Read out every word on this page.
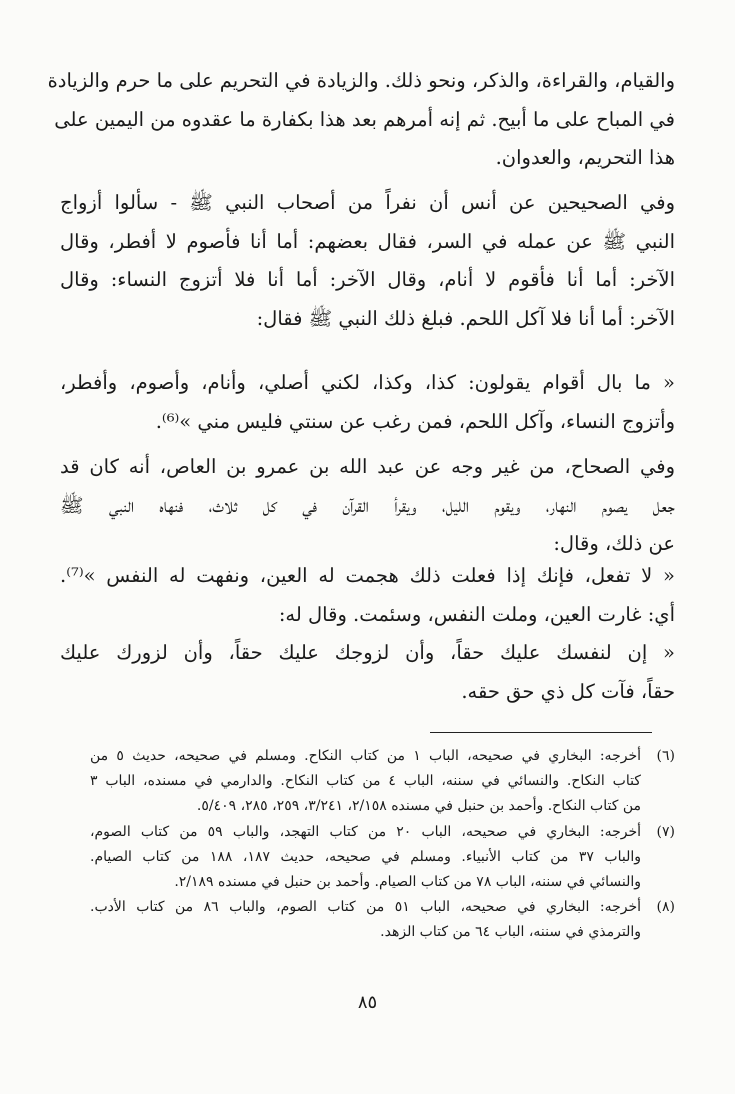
والقيام، والقراءة، والذكر، ونحو ذلك. والزيادة في التحريم على ما حرم والزيادة
في المباح على ما أبيح. ثم إنه أمرهم بعد هذا بكفارة ما عقدوه من اليمين على
هذا التحريم، والعدوان.
وفي الصحيحين عن أنس أن نفراً من أصحاب النبي ﷺ - سألوا أزواج
النبي ﷺ عن عمله في السر، فقال بعضهم: أما أنا فأصوم لا أفطر، وقال
الآخر: أما أنا فأقوم لا أنام، وقال الآخر: أما أنا فلا أتزوج النساء: وقال
الآخر: أما أنا فلا آكل اللحم. فبلغ ذلك النبي ﷺ فقال:
« ما بال أقوام يقولون: كذا، وكذا، لكني أصلي، وأنام، وأصوم، وأفطر،
وأتزوج النساء، وآكل اللحم، فمن رغب عن سنتي فليس مني »⁽⁶⁾.
وفي الصحاح، من غير وجه عن عبد الله بن عمرو بن العاص، أنه كان قد
جعل يصوم النهار، ويقوم الليل، ويقرأ القرآن في كل ثلاث، فنهاه النبي ﷺ
عن ذلك، وقال:
« لا تفعل، فإنك إذا فعلت ذلك هجمت له العين، ونفهت له النفس »⁽⁷⁾.
أي: غارت العين، وملت النفس، وسئمت. وقال له:
« إن لنفسك عليك حقاً، وأن لزوجك عليك حقاً، وأن لزورك عليك
حقاً، فآت كل ذي حق حقه.
(٦)أخرجه: البخاري في صحيحه، الباب ١ من كتاب النكاح. ومسلم في صحيحه، حديث ٥ من
كتاب النكاح. والنسائي في سننه، الباب ٤ من كتاب النكاح. والدارمي في مسنده، الباب ٣
من كتاب النكاح. وأحمد بن حنبل في مسنده ٢/١٥٨، ٣/٢٤١، ٢٥٩، ٢٨٥، ٥/٤٠٩.
(٧)أخرجه: البخاري في صحيحه، الباب ٢٠ من كتاب التهجد، والباب ٥٩ من كتاب الصوم،
والباب ٣٧ من كتاب الأنبياء. ومسلم في صحيحه، حديث ١٨٧، ١٨٨ من كتاب الصيام.
والنسائي في سننه، الباب ٧٨ من كتاب الصيام. وأحمد بن حنبل في مسنده ٢/١٨٩.
(٨)أخرجه: البخاري في صحيحه، الباب ٥١ من كتاب الصوم، والباب ٨٦ من كتاب الأدب.
والترمذي في سننه، الباب ٦٤ من كتاب الزهد.
٨٥
